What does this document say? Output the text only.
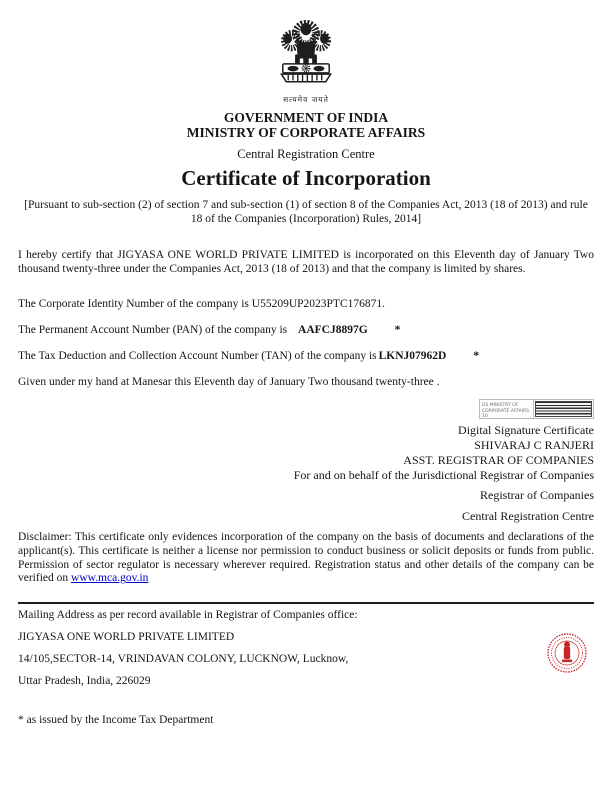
सत्यमेव जयते
GOVERNMENT OF INDIA
MINISTRY OF CORPORATE AFFAIRS
Central Registration Centre
Certificate of Incorporation
[Pursuant to sub-section (2) of section 7 and sub-section (1) of section 8 of the Companies Act, 2013 (18 of 2013) and rule 18 of the Companies (Incorporation) Rules, 2014]

I hereby certify that JIGYASA ONE WORLD PRIVATE LIMITED is incorporated on this Eleventh day of January Two thousand twenty-three under the Companies Act, 2013 (18 of 2013) and that the company is limited by shares.

The Corporate Identity Number of the company is U55209UP2023PTC176871.
The Permanent Account Number (PAN) of the company is AAFCJ8897G *
The Tax Deduction and Collection Account Number (TAN) of the company is LKNJ07962D *
Given under my hand at Manesar this Eleventh day of January Two thousand twenty-three .
DS MINISTRY OF CORPORATE AFFAIRS 10
Digital Signature Certificate
SHIVARAJ C RANJERI
ASST. REGISTRAR OF COMPANIES
For and on behalf of the Jurisdictional Registrar of Companies
Registrar of Companies
Central Registration Centre

Disclaimer: This certificate only evidences incorporation of the company on the basis of documents and declarations of the applicant(s). This certificate is neither a license nor permission to conduct business or solicit deposits or funds from public. Permission of sector regulator is necessary wherever required. Registration status and other details of the company can be verified on www.mca.gov.in

Mailing Address as per record available in Registrar of Companies office:
JIGYASA ONE WORLD PRIVATE LIMITED
14/105,SECTOR-14, VRINDAVAN COLONY, LUCKNOW, Lucknow,
Uttar Pradesh, India, 226029
* as issued by the Income Tax Department
